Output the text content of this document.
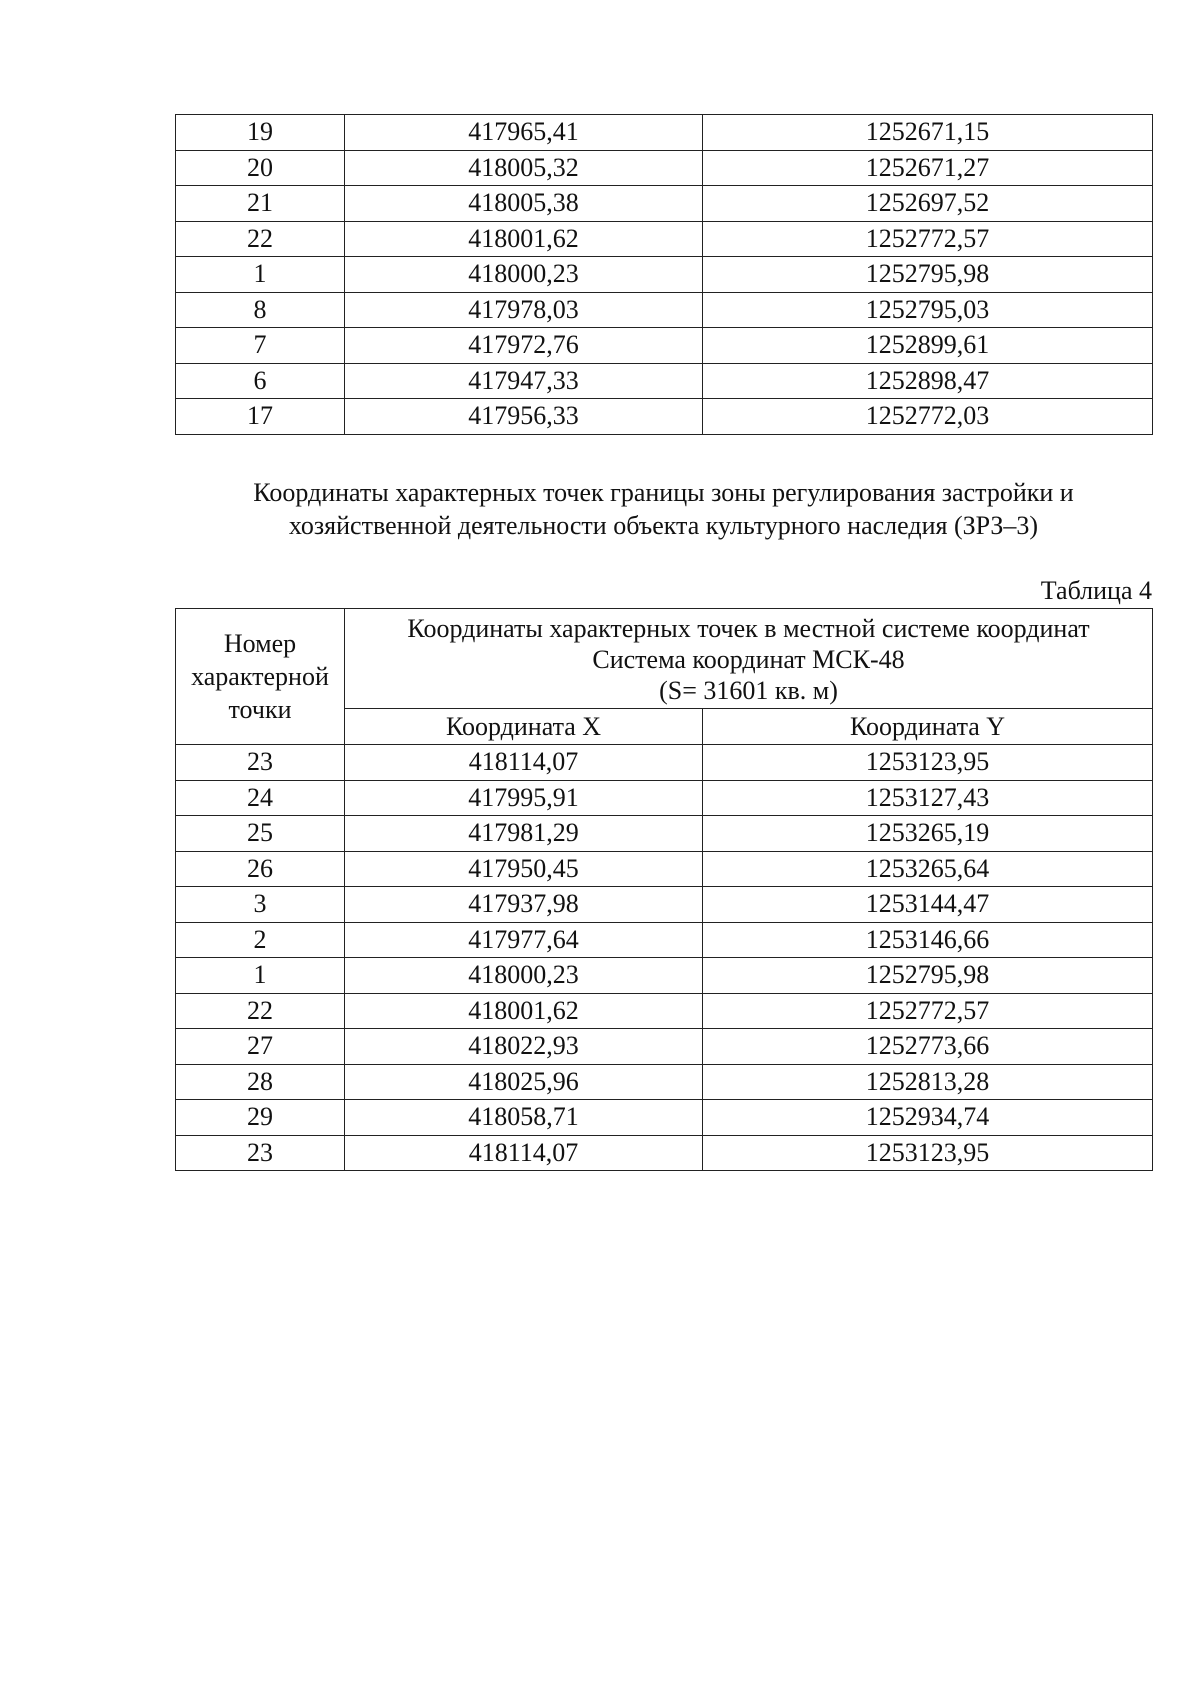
19	417965,41	1252671,15
20	418005,32	1252671,27
21	418005,38	1252697,52
22	418001,62	1252772,57
1	418000,23	1252795,98
8	417978,03	1252795,03
7	417972,76	1252899,61
6	417947,33	1252898,47
17	417956,33	1252772,03
Координаты характерных точек границы зоны регулирования застройки и
хозяйственной деятельности объекта культурного наследия (ЗРЗ–3)
Таблица 4
Номер
характерной
точки	Координаты характерных точек в местной системе координат
Система координат МСК-48
(S= 31601 кв. м)	

	Координата X	Координата Y
23	418114,07	1253123,95
24	417995,91	1253127,43
25	417981,29	1253265,19
26	417950,45	1253265,64
3	417937,98	1253144,47
2	417977,64	1253146,66
1	418000,23	1252795,98
22	418001,62	1252772,57
27	418022,93	1252773,66
28	418025,96	1252813,28
29	418058,71	1252934,74
23	418114,07	1253123,95
